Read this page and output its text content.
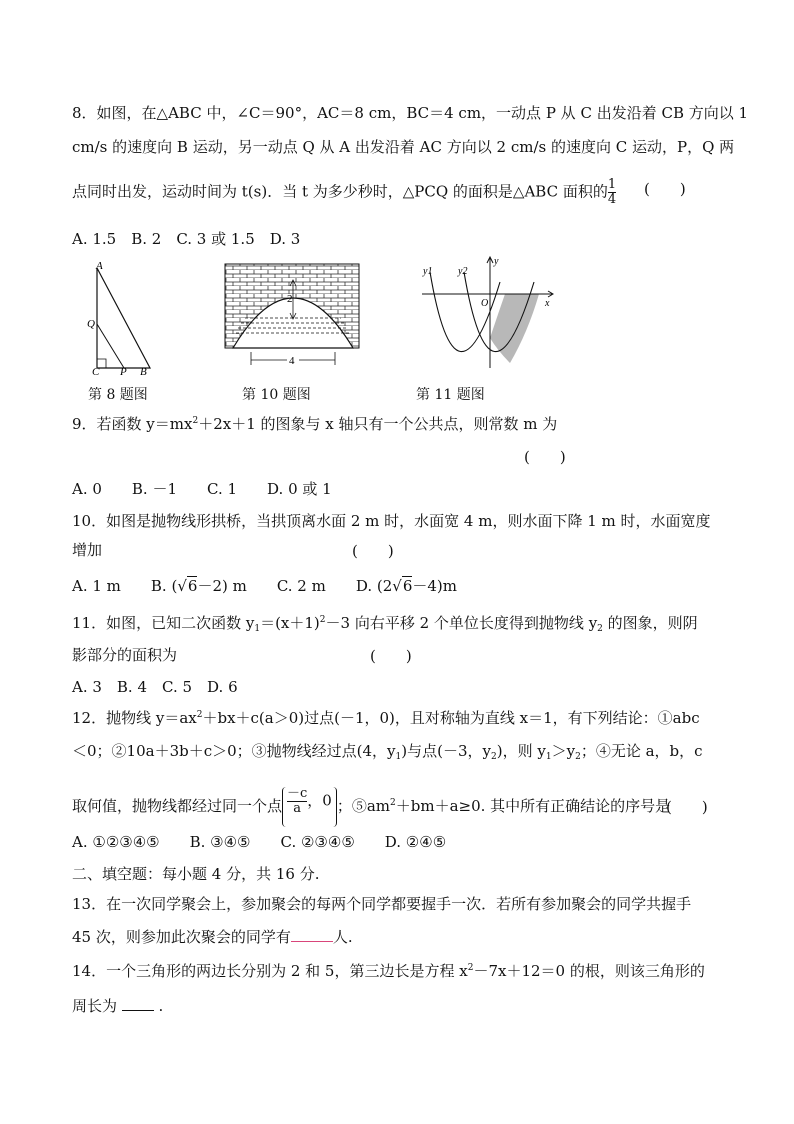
8．如图，在△ABC 中，∠C＝90°，AC＝8 cm，BC＝4 cm，一动点 P 从 C 出发沿着 CB 方向以 1
cm/s 的速度向 B 运动，另一动点 Q 从 A 出发沿着 AC 方向以 2 cm/s 的速度向 C 运动，P，Q 两
点同时出发，运动时间为 t(s)．当 t 为多少秒时，△PCQ 的面积是△ABC 面积的 $\frac{1}{4}$ (　　)
A. 1.5　B. 2　C. 3 或 1.5　D. 3
A
Q
C P B
第 8 题图
2
4
第 10 题图
y1	y2
y
O	x
第 11 题图
9．若函数 $y=mx^2+2x+1$ 的图象与 x 轴只有一个公共点，则常数 m 为
(　　)
A. 0　　B. －1　　C. 1　　D. 0 或 1
10．如图是抛物线形拱桥，当拱顶离水面 2 m 时，水面宽 4 m，则水面下降 1 m 时，水面宽度
增加	(　　)
A. 1 m　　B. (√6－2) m　　C. 2 m　　D. (2√6－4)m
11．如图，已知二次函数 $y_1=(x+1)^2-3$ 向右平移 2 个单位长度得到抛物线 $y_2$ 的图象，则阴
影部分的面积为	(　　)
A. 3　B. 4　C. 5　D. 6
12．抛物线 $y=ax^2+bx+c(a>0)$过点(－1，0)，且对称轴为直线 x＝1，有下列结论：①abc
＜0；②10a＋3b＋c＞0；③抛物线经过点(4，$y_1$)与点(－3，$y_2$)，则 $y_1>y_2$；④无论 a，b，c
取何值，抛物线都经过同一个点 $\frac{-c}{a}$ ，0 ；$⑤am^2+bm+a\ge 0$. 其中所有正确结论的序号是
(　　)
A. ①②③④⑤　　B. ③④⑤　　C. ②③④⑤　　D. ②④⑤
二、填空题：每小题 4 分，共 16 分.
13．在一次同学聚会上，参加聚会的每两个同学都要握手一次．若所有参加聚会的同学共握手
45 次，则参加此次聚会的同学有	人.
14．一个三角形的两边长分别为 2 和 5，第三边长是方程 $x^2-7x+12=0$ 的根，则该三角形的
周长为  .
